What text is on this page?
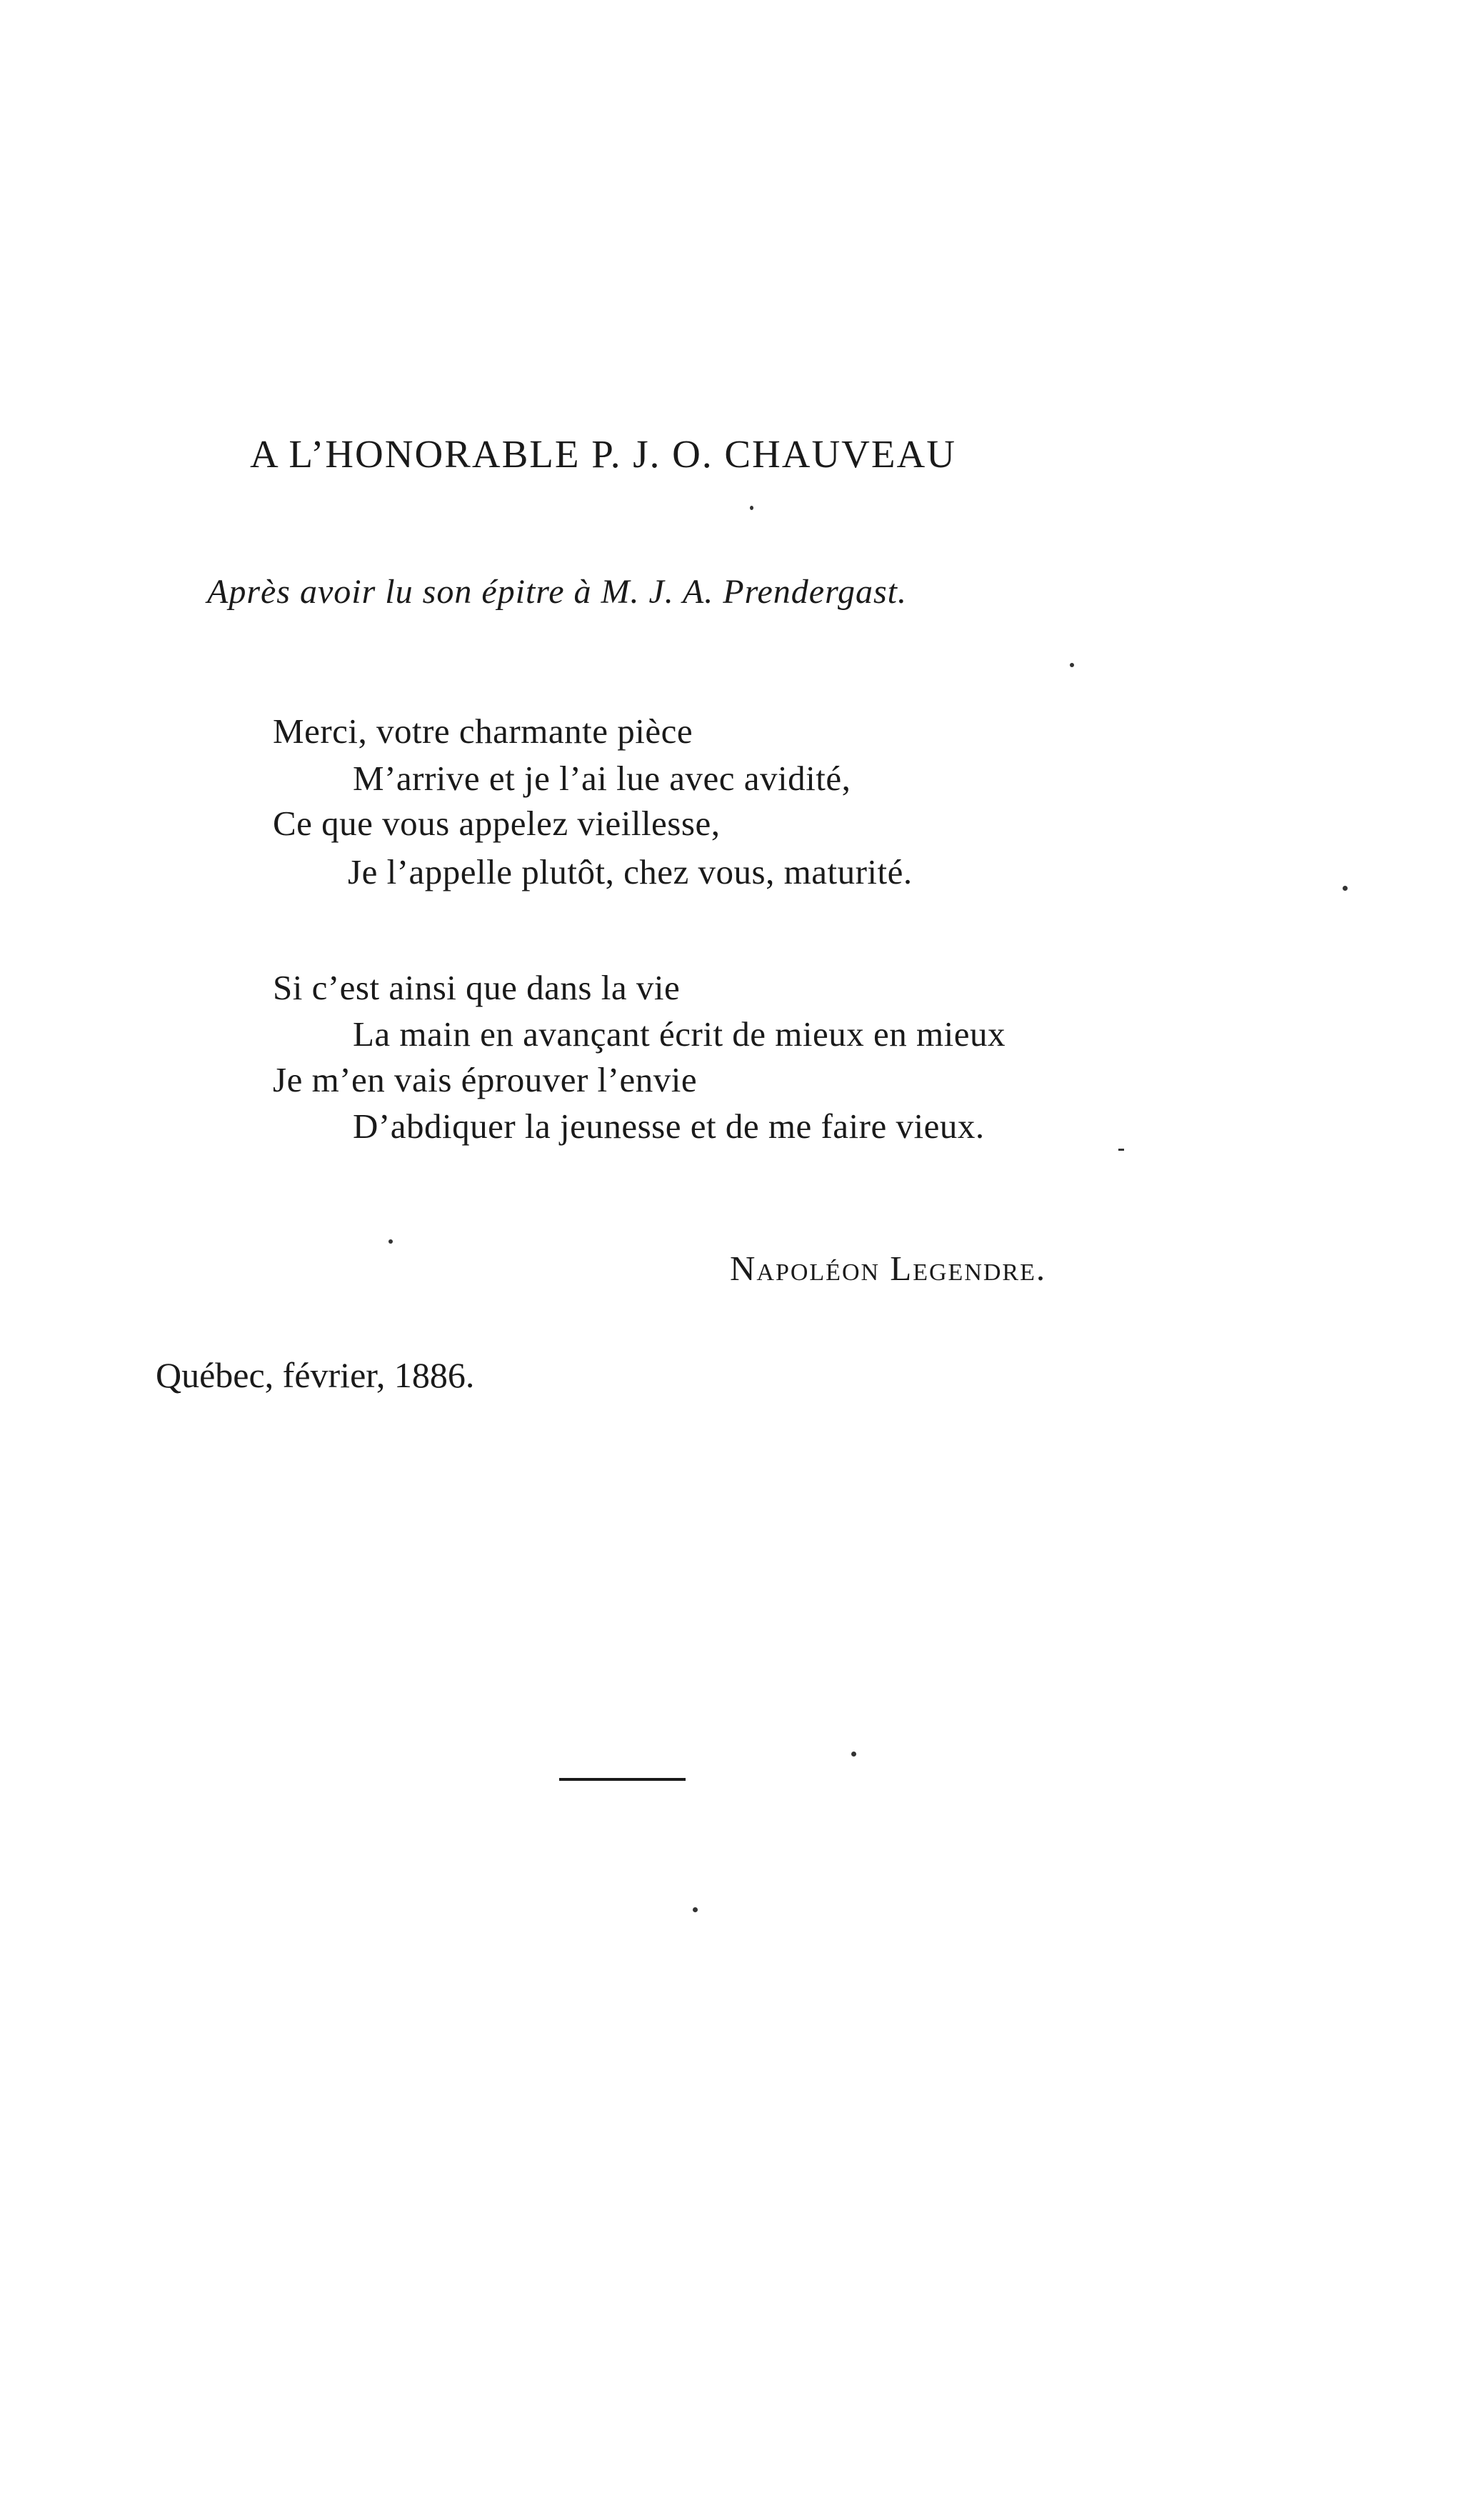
A L’HONORABLE P. J. O. CHAUVEAU
Après avoir lu son épitre à M. J. A. Prendergast.
Merci, votre charmante pièce
M’arrive et je l’ai lue avec avidité,
Ce que vous appelez vieillesse,
Je l’appelle plutôt, chez vous, maturité.
Si c’est ainsi que dans la vie
La main en avançant écrit de mieux en mieux
Je m’en vais éprouver l’envie
D’abdiquer la jeunesse et de me faire vieux.
Napoléon Legendre.
Québec, février, 1886.
